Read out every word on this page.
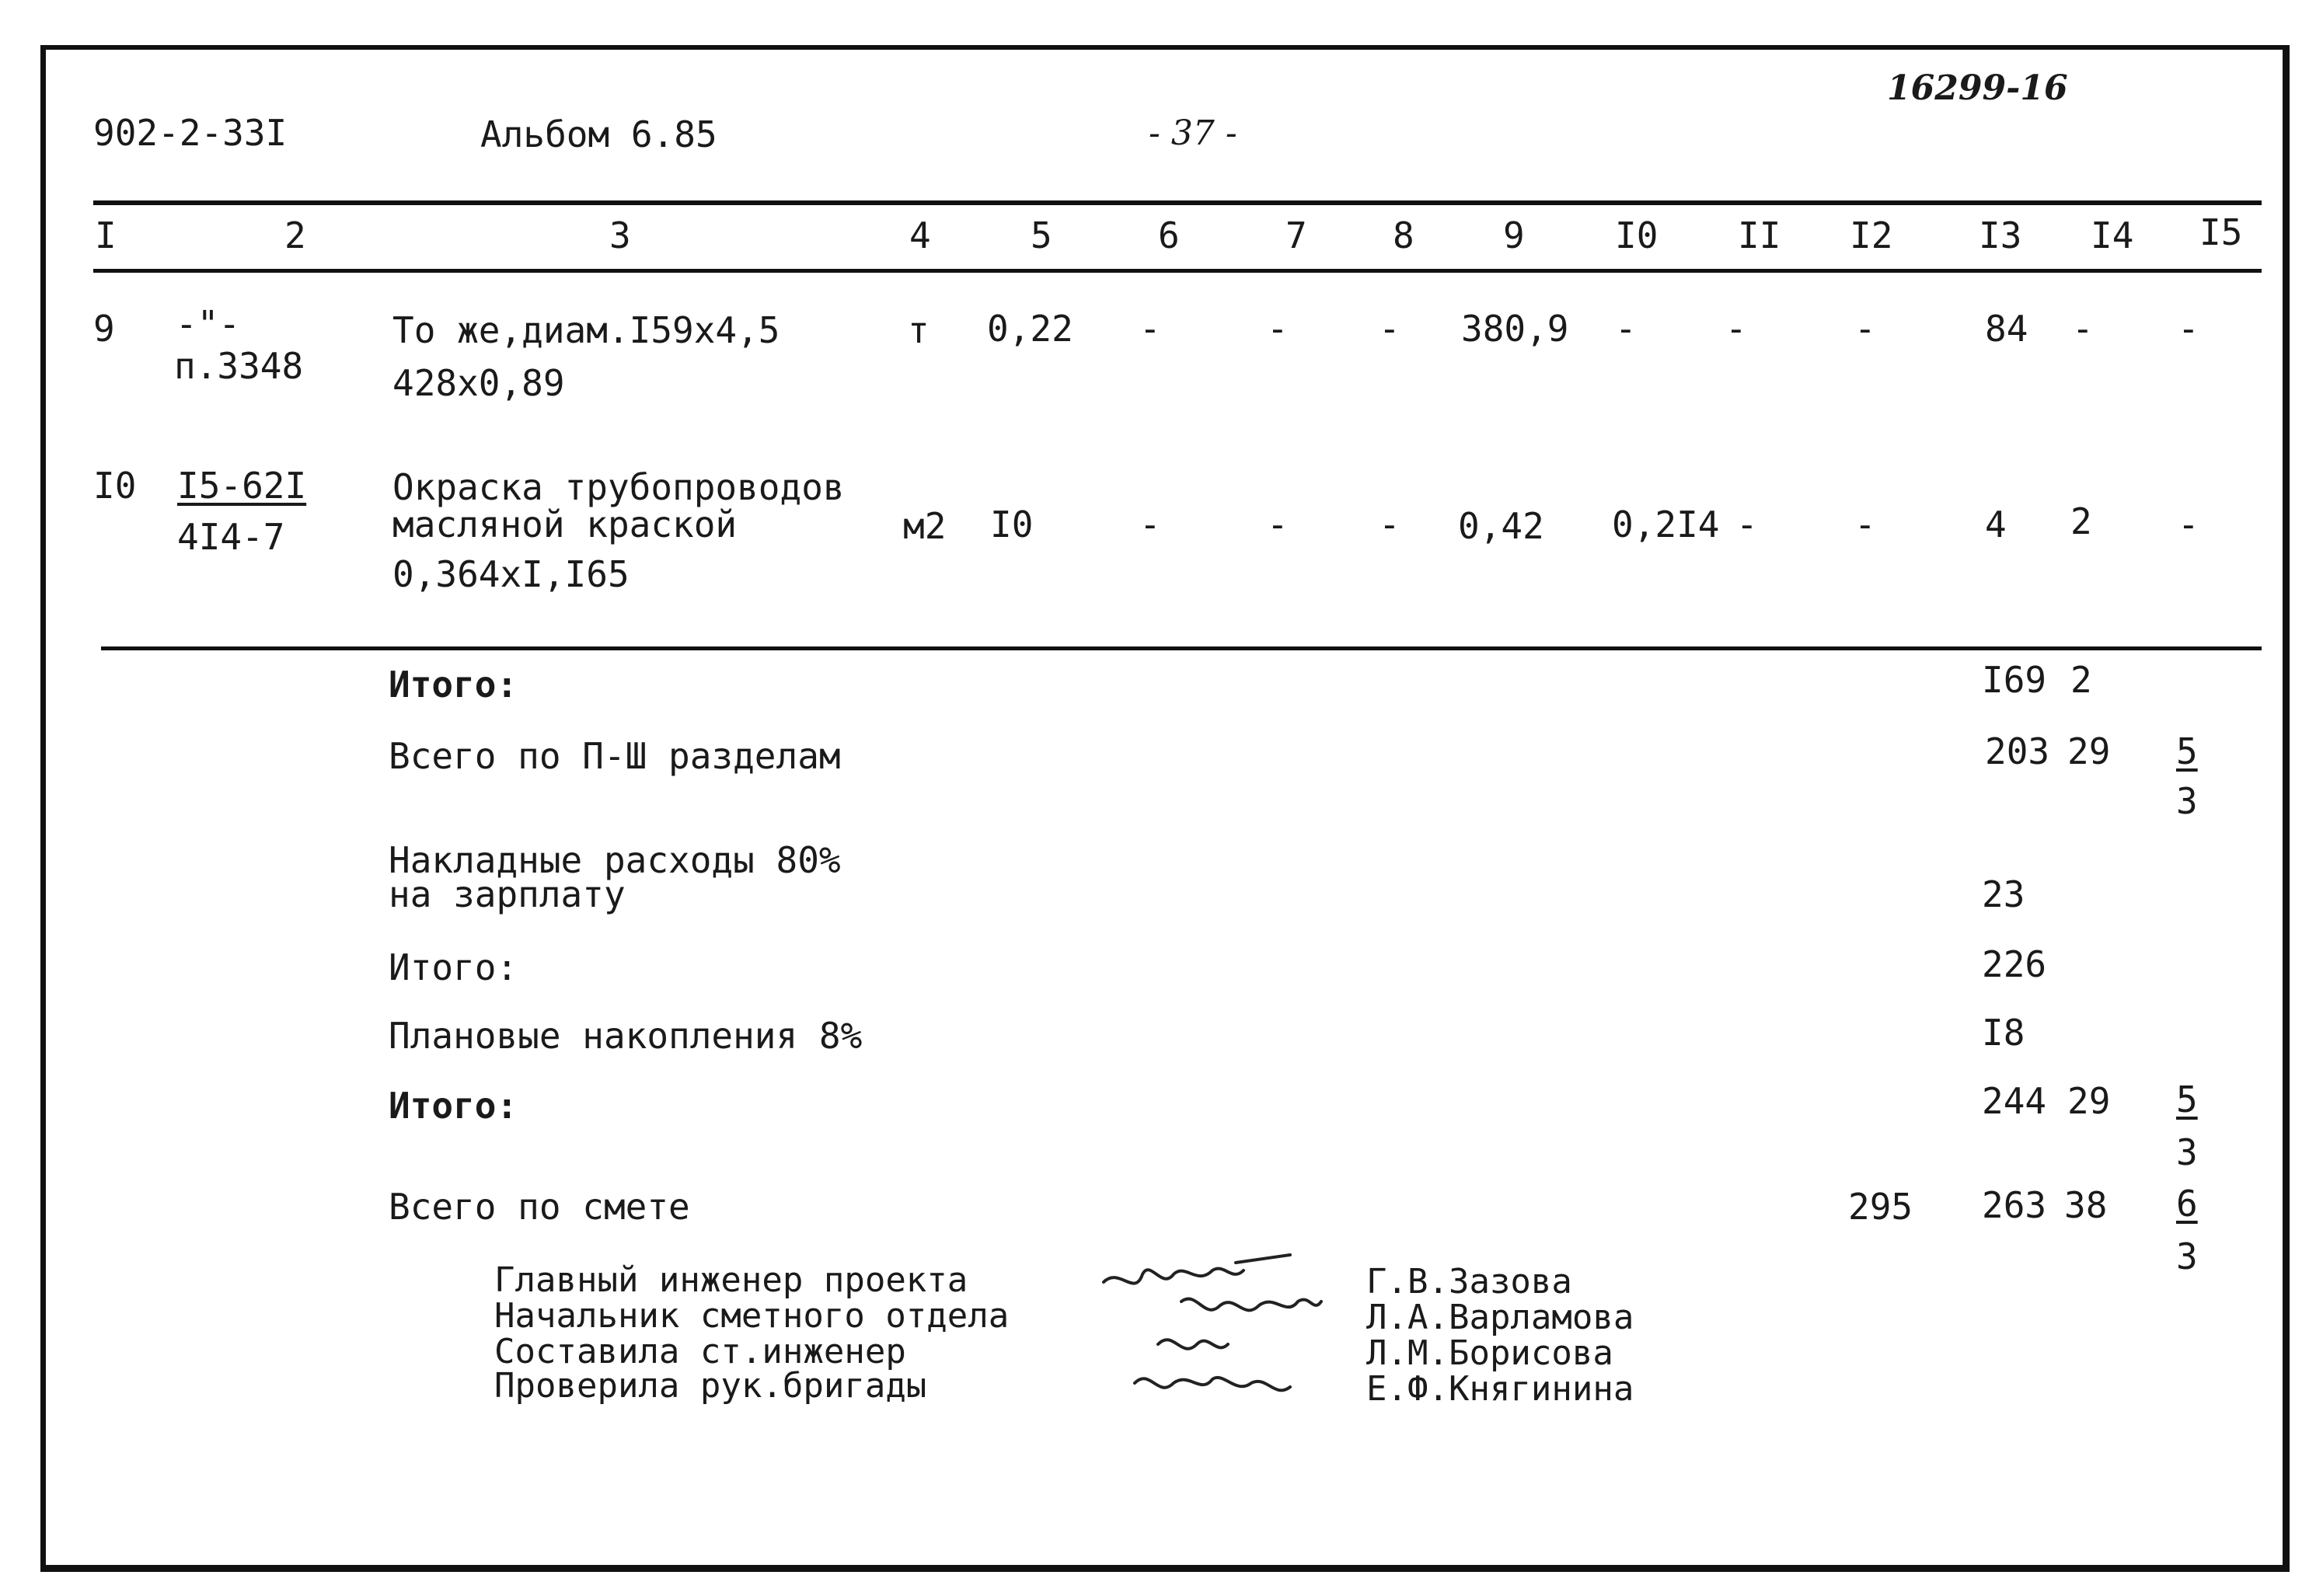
902-2-33I	Альбом 6.85	- 37 -
16299-16
I	2	3	4	5	6	7 8 9	I0 II I2 I3 I4 I5
9 -"-
п.3348
То же,диам.I59x4,5
428x0,89
т 0,22 -	-	- 380,9 - -	-	84 - -
I0 I5-62I
4I4-7
Окраска трубопроводов
масляной краской
0,364xI,I65
м2 I0	-	-	- 0,42 0,2I4 -	-	4 2 -
Итого:	I69 2
Всего по П-Ш разделам	203 29 5
3
Накладные расходы 80%
на зарплату	23
Итого:	226
Плановые накопления 8%	I8
Итого:	244 29 5
3
Всего по смете	295 263 38 6
3
Главный инженер проекта
Начальник сметного отдела
Составила ст.инженер
Проверила рук.бригады
Г.В.Зазова
Л.А.Варламова
Л.М.Борисова
Е.Ф.Княгинина
